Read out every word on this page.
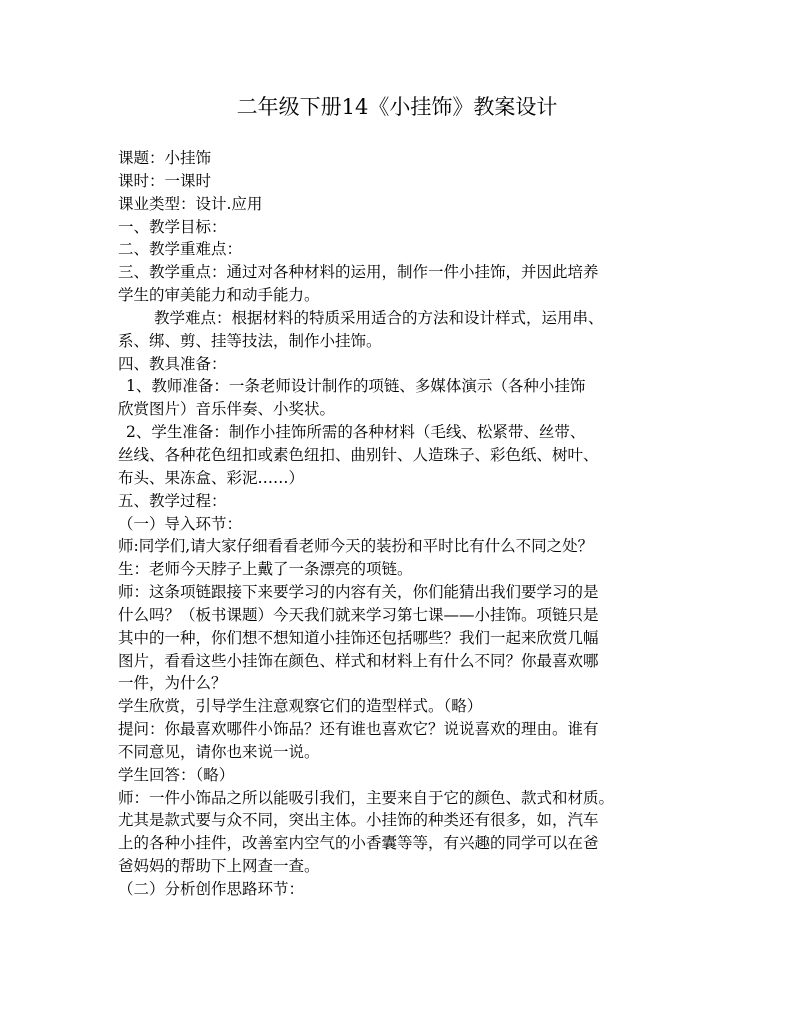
二年级下册14《小挂饰》教案设计
课题：小挂饰
课时：一课时
课业类型：设计.应用
一、教学目标：
二、教学重难点：
三、教学重点：通过对各种材料的运用，制作一件小挂饰，并因此培养
学生的审美能力和动手能力。
教学难点：根据材料的特质采用适合的方法和设计样式，运用串、
系、绑、剪、挂等技法，制作小挂饰。
四、教具准备：
1、教师准备：一条老师设计制作的项链、多媒体演示（各种小挂饰
欣赏图片）音乐伴奏、小奖状。
2、学生准备：制作小挂饰所需的各种材料（毛线、松紧带、丝带、
丝线、各种花色纽扣或素色纽扣、曲别针、人造珠子、彩色纸、树叶、
布头、果冻盒、彩泥……）
五、教学过程：
（一）导入环节：
师:同学们,请大家仔细看看老师今天的装扮和平时比有什么不同之处？
生：老师今天脖子上戴了一条漂亮的项链。
师：这条项链跟接下来要学习的内容有关，你们能猜出我们要学习的是
什么吗？（板书课题）今天我们就来学习第七课——小挂饰。项链只是
其中的一种，你们想不想知道小挂饰还包括哪些？我们一起来欣赏几幅
图片，看看这些小挂饰在颜色、样式和材料上有什么不同？你最喜欢哪
一件，为什么？
学生欣赏，引导学生注意观察它们的造型样式。（略）
提问：你最喜欢哪件小饰品？还有谁也喜欢它？说说喜欢的理由。谁有
不同意见，请你也来说一说。
学生回答：（略）
师：一件小饰品之所以能吸引我们，主要来自于它的颜色、款式和材质。
尤其是款式要与众不同，突出主体。小挂饰的种类还有很多，如，汽车
上的各种小挂件，改善室内空气的小香囊等等，有兴趣的同学可以在爸
爸妈妈的帮助下上网查一查。
（二）分析创作思路环节：
